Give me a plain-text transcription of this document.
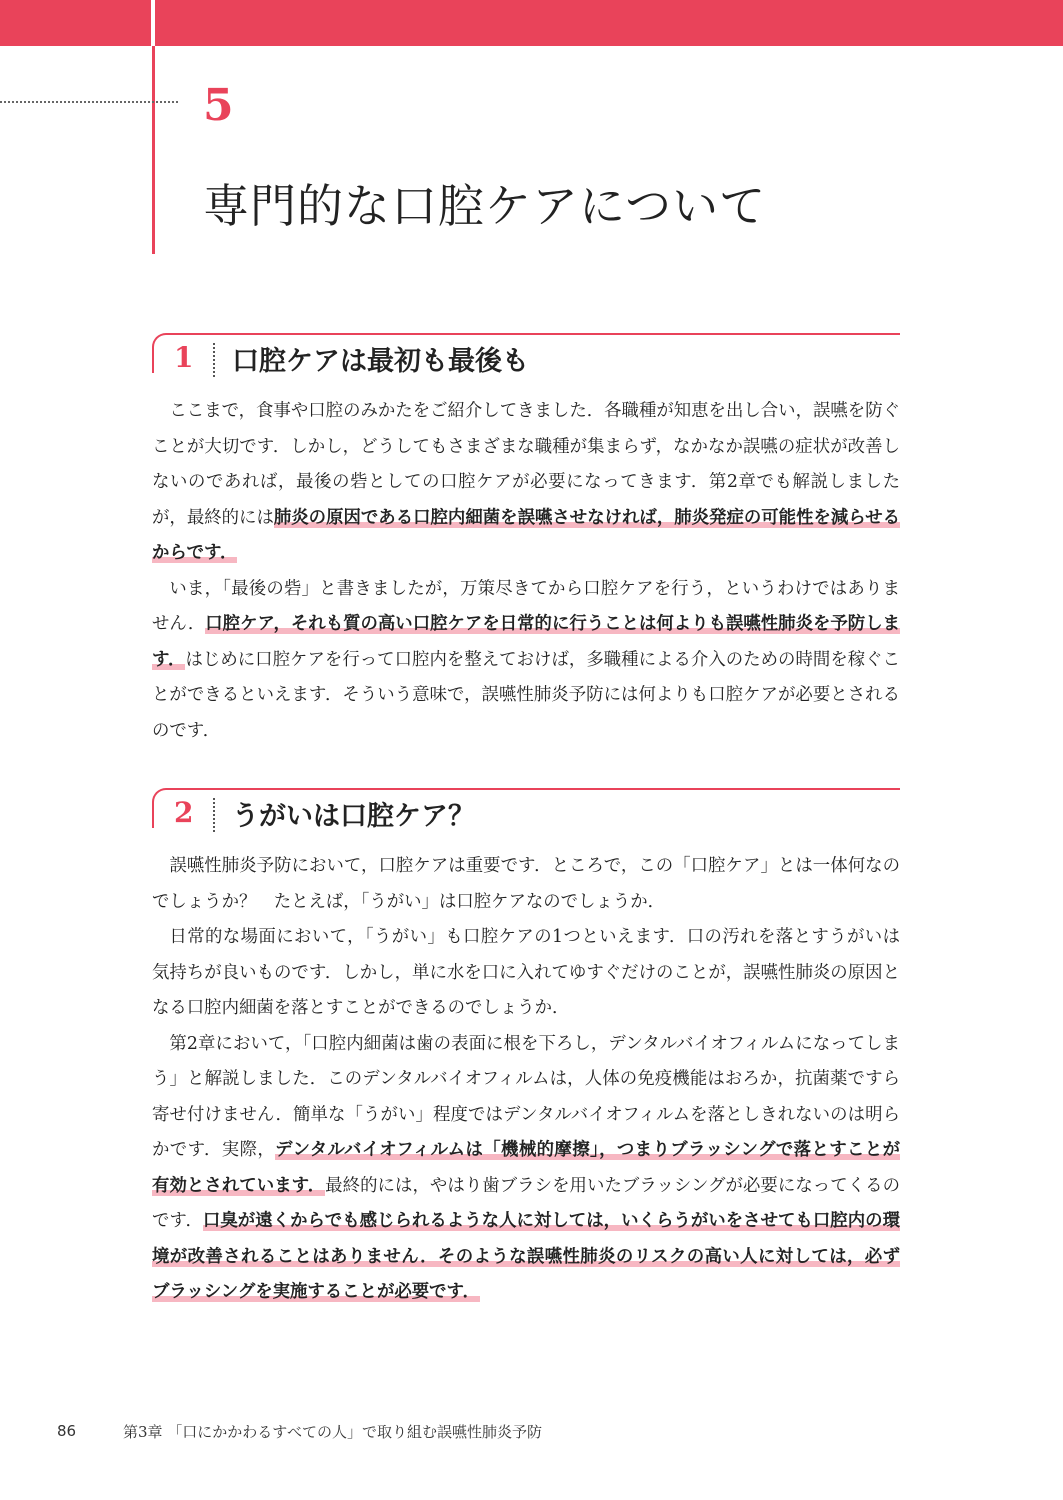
5
専門的な口腔ケアについて
1 口腔ケアは最初も最後も

ここまで，食事や口腔のみかたをご紹介してきました．各職種が知恵を出し合い，誤嚥を防ぐことが大切です．しかし，どうしてもさまざまな職種が集まらず，なかなか誤嚥の症状が改善しないのであれば，最後の砦としての口腔ケアが必要になってきます．第2章でも解説しましたが，最終的には肺炎の原因である口腔内細菌を誤嚥させなければ，肺炎発症の可能性を減らせるからです．

いま，「最後の砦」と書きましたが，万策尽きてから口腔ケアを行う，というわけではありません．口腔ケア，それも質の高い口腔ケアを日常的に行うことは何よりも誤嚥性肺炎を予防します．はじめに口腔ケアを行って口腔内を整えておけば，多職種による介入のための時間を稼ぐことができるといえます．そういう意味で，誤嚥性肺炎予防には何よりも口腔ケアが必要とされるのです．

2 うがいは口腔ケア？

誤嚥性肺炎予防において，口腔ケアは重要です．ところで，この「口腔ケア」とは一体何なのでしょうか？　たとえば，「うがい」は口腔ケアなのでしょうか．

日常的な場面において，「うがい」も口腔ケアの1つといえます．口の汚れを落とすうがいは気持ちが良いものです．しかし，単に水を口に入れてゆすぐだけのことが，誤嚥性肺炎の原因となる口腔内細菌を落とすことができるのでしょうか．

第2章において，「口腔内細菌は歯の表面に根を下ろし，デンタルバイオフィルムになってしまう」と解説しました．このデンタルバイオフィルムは，人体の免疫機能はおろか，抗菌薬ですら寄せ付けません．簡単な「うがい」程度ではデンタルバイオフィルムを落としきれないのは明らかです．実際，デンタルバイオフィルムは「機械的摩擦」，つまりブラッシングで落とすことが有効とされています．最終的には，やはり歯ブラシを用いたブラッシングが必要になってくるのです．口臭が遠くからでも感じられるような人に対しては，いくらうがいをさせても口腔内の環境が改善されることはありません．そのような誤嚥性肺炎のリスクの高い人に対しては，必ずブラッシングを実施することが必要です．

86	第3章 「口にかかわるすべての人」で取り組む誤嚥性肺炎予防
